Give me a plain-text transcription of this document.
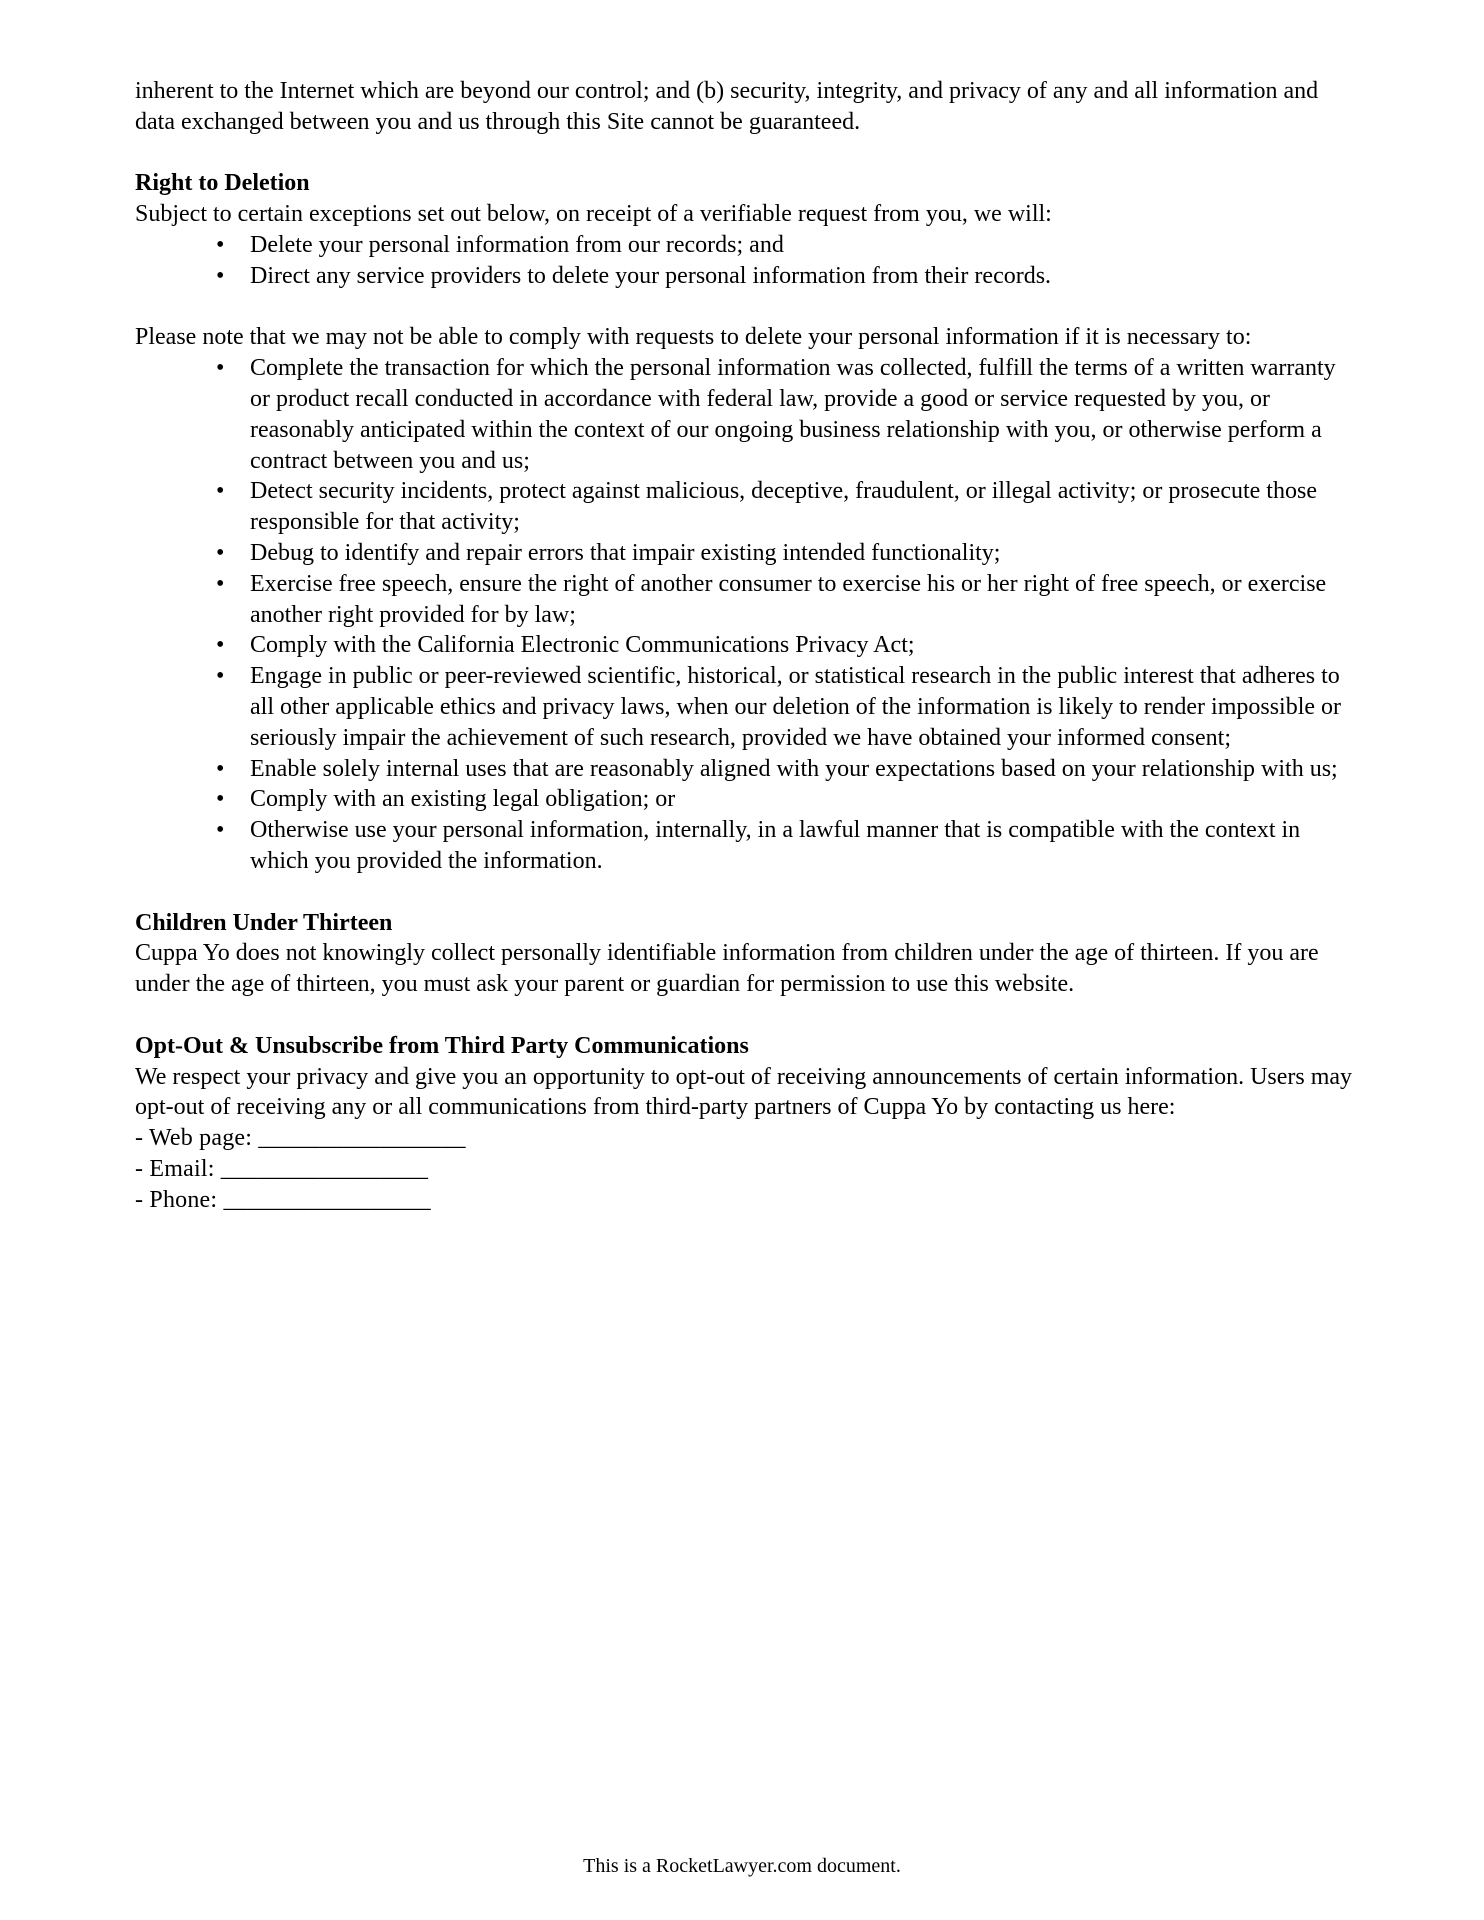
inherent to the Internet which are beyond our control; and (b) security, integrity, and privacy of any and all information and data exchanged between you and us through this Site cannot be guaranteed.

Right to Deletion

Subject to certain exceptions set out below, on receipt of a verifiable request from you, we will:

• Delete your personal information from our records; and
• Direct any service providers to delete your personal information from their records.

Please note that we may not be able to comply with requests to delete your personal information if it is necessary to:

• Complete the transaction for which the personal information was collected, fulfill the terms of a written warranty or product recall conducted in accordance with federal law, provide a good or service requested by you, or reasonably anticipated within the context of our ongoing business relationship with you, or otherwise perform a contract between you and us;
• Detect security incidents, protect against malicious, deceptive, fraudulent, or illegal activity; or prosecute those responsible for that activity;
• Debug to identify and repair errors that impair existing intended functionality;
• Exercise free speech, ensure the right of another consumer to exercise his or her right of free speech, or exercise another right provided for by law;
• Comply with the California Electronic Communications Privacy Act;
• Engage in public or peer-reviewed scientific, historical, or statistical research in the public interest that adheres to all other applicable ethics and privacy laws, when our deletion of the information is likely to render impossible or seriously impair the achievement of such research, provided we have obtained your informed consent;
• Enable solely internal uses that are reasonably aligned with your expectations based on your relationship with us;
• Comply with an existing legal obligation; or
• Otherwise use your personal information, internally, in a lawful manner that is compatible with the context in which you provided the information.
Children Under Thirteen

Cuppa Yo does not knowingly collect personally identifiable information from children under the age of thirteen. If you are under the age of thirteen, you must ask your parent or guardian for permission to use this website.

Opt-Out & Unsubscribe from Third Party Communications

We respect your privacy and give you an opportunity to opt-out of receiving announcements of certain information. Users may opt-out of receiving any or all communications from third-party partners of Cuppa Yo by contacting us here:

- Web page: _________________

- Email: _________________

- Phone: _________________

This is a RocketLawyer.com document.
